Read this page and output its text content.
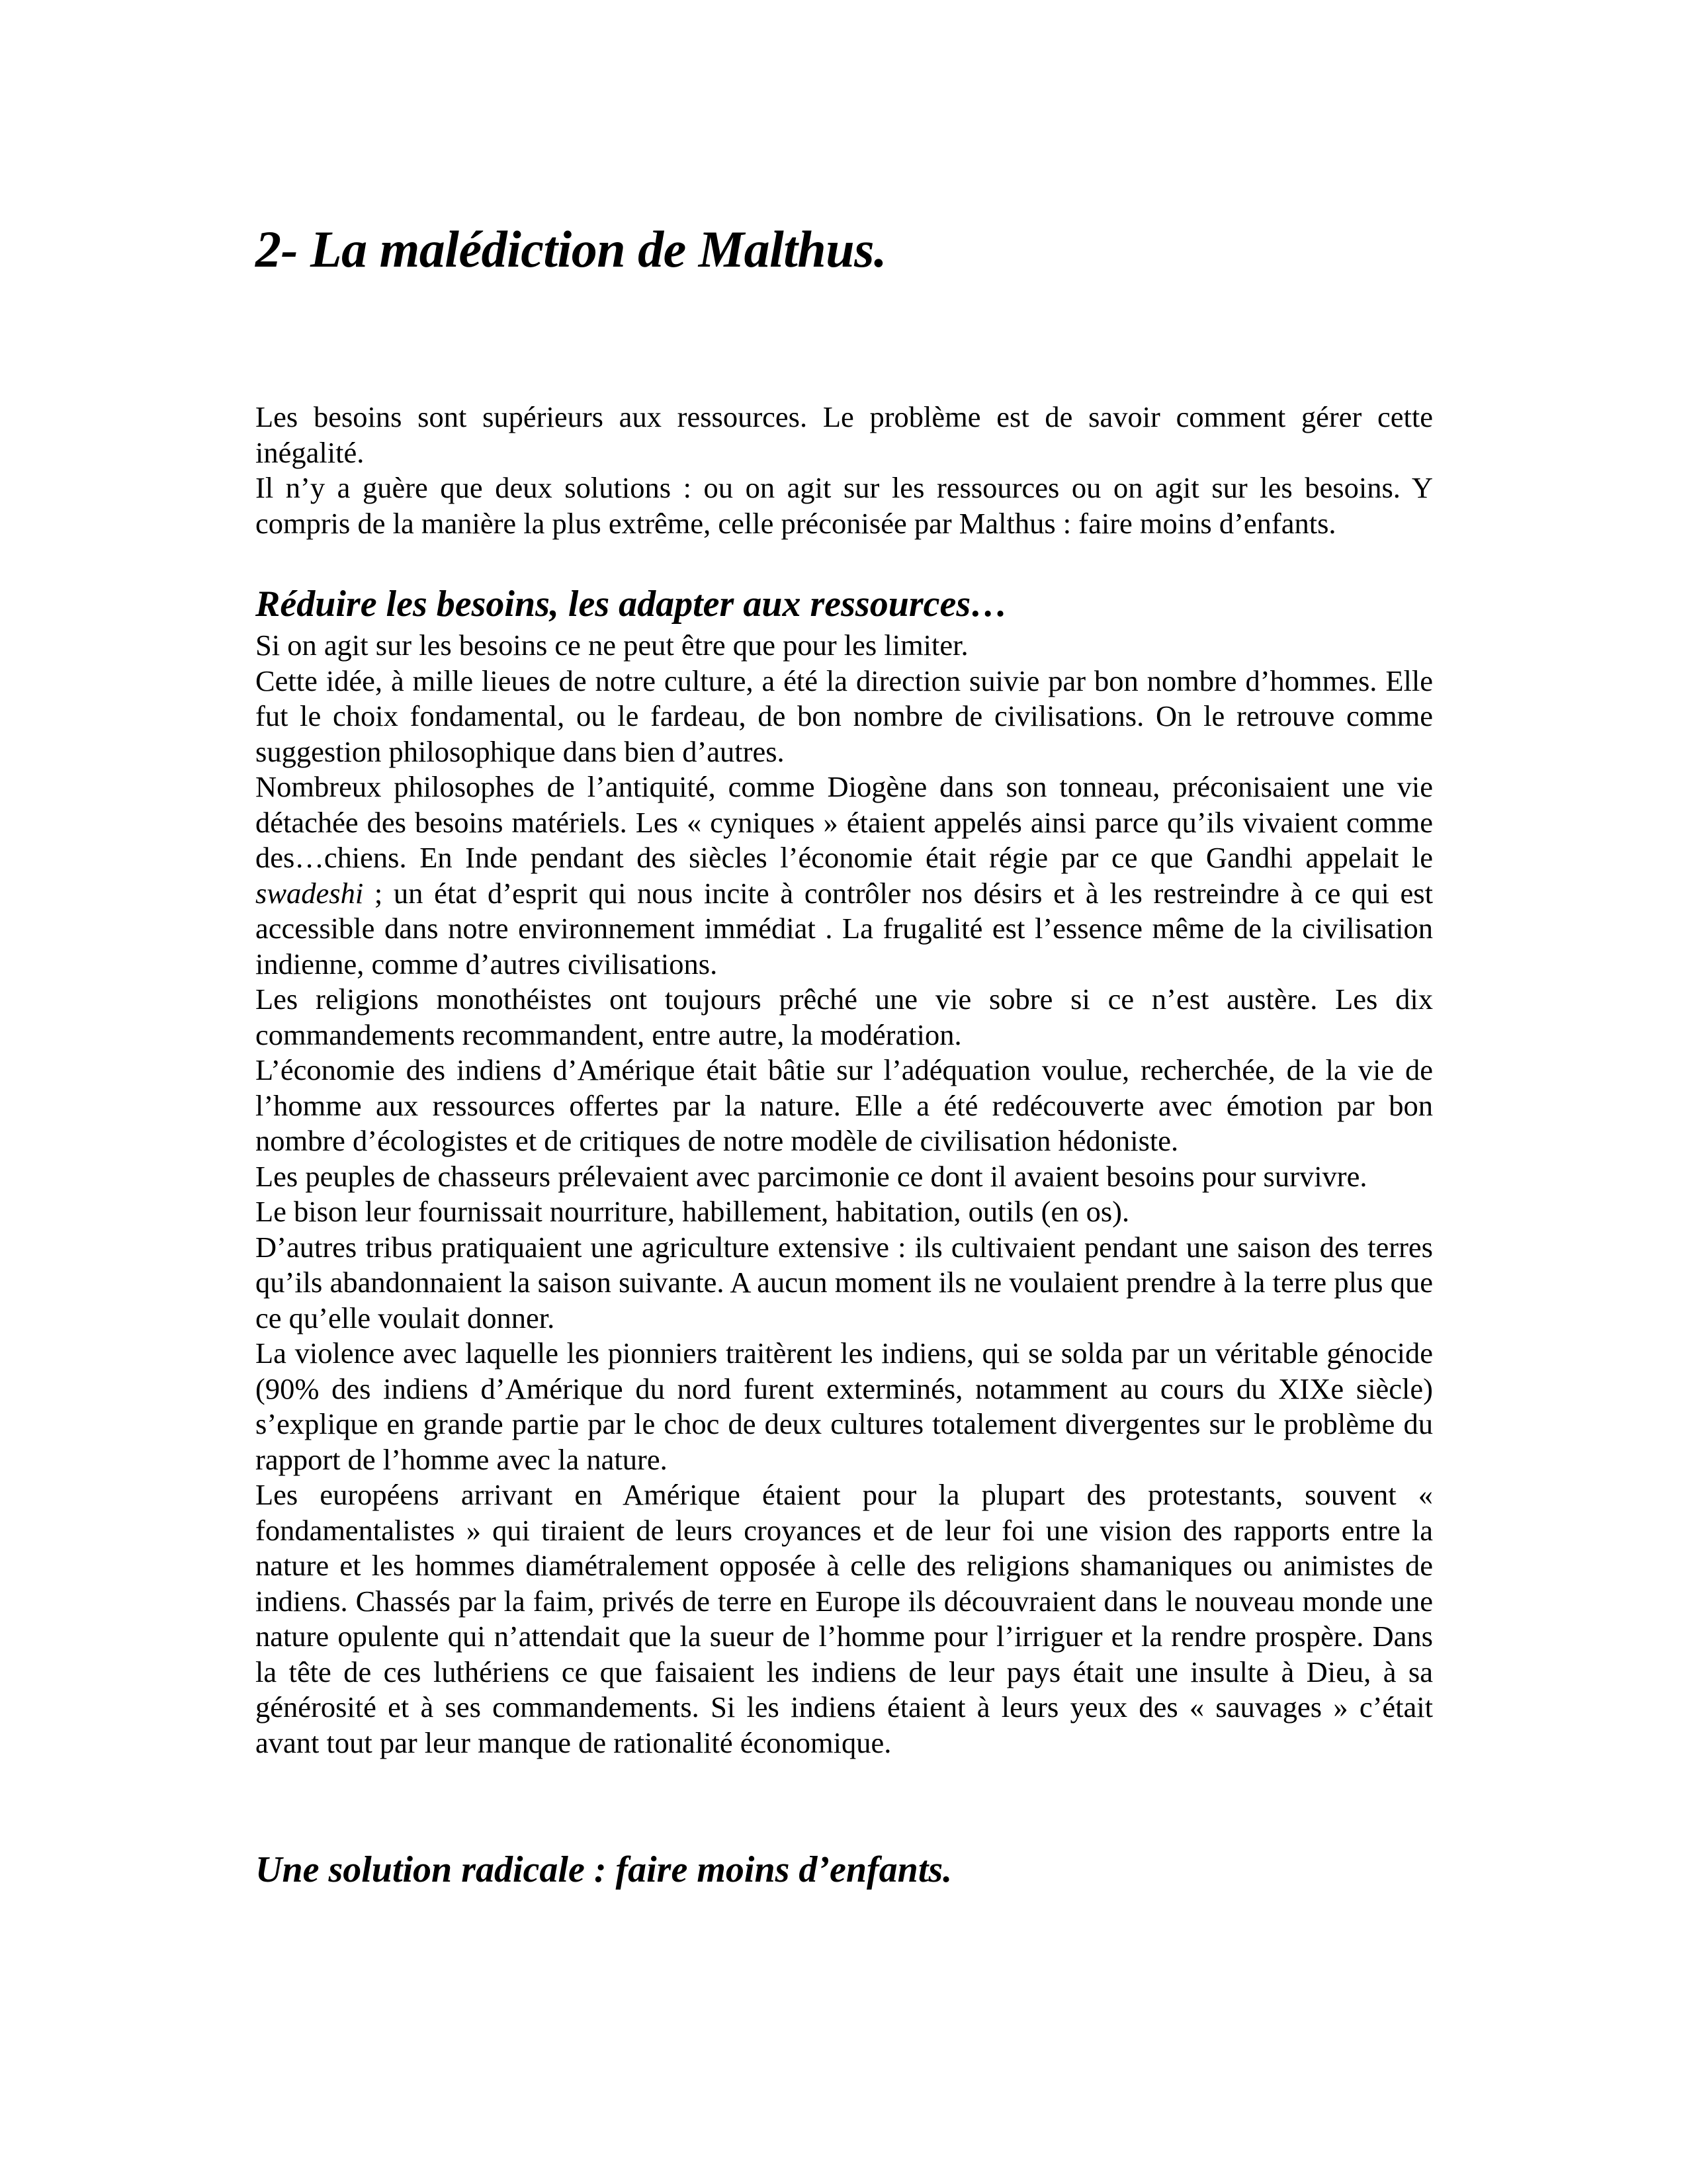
2- La malédiction de Malthus.

Les besoins sont supérieurs aux ressources. Le problème est de savoir comment gérer cette inégalité.

Il n’y a guère que deux solutions : ou on agit sur les ressources ou on agit sur les besoins. Y compris de la manière la plus extrême, celle préconisée par Malthus : faire moins d’enfants.

Réduire les besoins, les adapter aux ressources…

Si on agit sur les besoins ce ne peut être que pour les limiter.

Cette idée, à mille lieues de notre culture, a été la direction suivie par bon nombre d’hommes. Elle fut le choix fondamental, ou le fardeau, de bon nombre de civilisations. On le retrouve comme suggestion philosophique dans bien d’autres.

Nombreux philosophes de l’antiquité, comme Diogène dans son tonneau, préconisaient une vie détachée des besoins matériels. Les « cyniques » étaient appelés ainsi parce qu’ils vivaient comme des…chiens. En Inde pendant des siècles l’économie était régie par ce que Gandhi appelait le swadeshi ; un état d’esprit qui nous incite à contrôler nos désirs et à les restreindre à ce qui est accessible dans notre environnement immédiat . La frugalité est l’essence même de la civilisation indienne, comme d’autres civilisations.

Les religions monothéistes ont toujours prêché une vie sobre si ce n’est austère. Les dix commandements recommandent, entre autre, la modération.

L’économie des indiens d’Amérique était bâtie sur l’adéquation voulue, recherchée, de la vie de l’homme aux ressources offertes par la nature. Elle a été redécouverte avec émotion par bon nombre d’écologistes et de critiques de notre modèle de civilisation hédoniste.

Les peuples de chasseurs prélevaient avec parcimonie ce dont il avaient besoins pour survivre.

Le bison leur fournissait nourriture, habillement, habitation, outils (en os).

D’autres tribus pratiquaient une agriculture extensive : ils cultivaient pendant une saison des terres qu’ils abandonnaient la saison suivante. A aucun moment ils ne voulaient prendre à la terre plus que ce qu’elle voulait donner.

La violence avec laquelle les pionniers traitèrent les indiens, qui se solda par un véritable génocide (90% des indiens d’Amérique du nord furent exterminés, notamment au cours du XIXe siècle) s’explique en grande partie par le choc de deux cultures totalement divergentes sur le problème du rapport de l’homme avec la nature.

Les européens arrivant en Amérique étaient pour la plupart des protestants, souvent « fondamentalistes » qui tiraient de leurs croyances et de leur foi une vision des rapports entre la nature et les hommes diamétralement opposée à celle des religions shamaniques ou animistes de indiens. Chassés par la faim, privés de terre en Europe ils découvraient dans le nouveau monde une nature opulente qui n’attendait que la sueur de l’homme pour l’irriguer et la rendre prospère. Dans la tête de ces luthériens ce que faisaient les indiens de leur pays était une insulte à Dieu, à sa générosité et à ses commandements. Si les indiens étaient à leurs yeux des « sauvages » c’était avant tout par leur manque de rationalité économique.

Une solution radicale : faire moins d’enfants.
